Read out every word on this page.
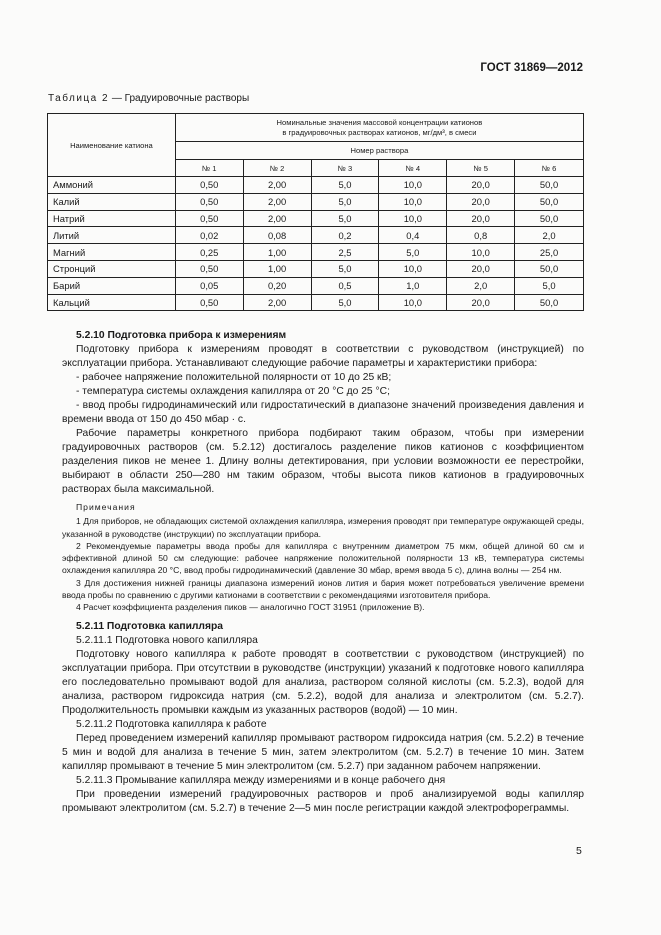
ГОСТ 31869—2012
Таблица 2 — Градуировочные растворы
Наименование катиона	Номинальные значения массовой концентрации катионов
в градуировочных растворах катионов, мг/дм³, в смеси					
	Номер раствора					
	№ 1	№ 2	№ 3	№ 4	№ 5	№ 6
Аммоний	0,50	2,00	5,0	10,0	20,0	50,0
Калий	0,50	2,00	5,0	10,0	20,0	50,0
Натрий	0,50	2,00	5,0	10,0	20,0	50,0
Литий	0,02	0,08	0,2	0,4	0,8	2,0
Магний	0,25	1,00	2,5	5,0	10,0	25,0
Стронций	0,50	1,00	5,0	10,0	20,0	50,0
Барий	0,05	0,20	0,5	1,0	2,0	5,0
Кальций	0,50	2,00	5,0	10,0	20,0	50,0

5.2.10 Подготовка прибора к измерениям

Подготовку прибора к измерениям проводят в соответствии с руководством (инструкцией) по эксплуатации прибора. Устанавливают следующие рабочие параметры и характеристики прибора:

- рабочее напряжение положительной полярности от 10 до 25 кВ;

- температура системы охлаждения капилляра от 20 °С до 25 °С;

- ввод пробы гидродинамический или гидростатический в диапазоне значений произведения давления и времени ввода от 150 до 450 мбар · с.

Рабочие параметры конкретного прибора подбирают таким образом, чтобы при измерении градуировочных растворов (см. 5.2.12) достигалось разделение пиков катионов с коэффициентом разделения пиков не менее 1. Длину волны детектирования, при условии возможности ее перестройки, выбирают в области 250—280 нм таким образом, чтобы высота пиков катионов в градуировочных растворах была максимальной.

Примечания

1 Для приборов, не обладающих системой охлаждения капилляра, измерения проводят при температуре окружающей среды, указанной в руководстве (инструкции) по эксплуатации прибора.

2 Рекомендуемые параметры ввода пробы для капилляра с внутренним диаметром 75 мкм, общей длиной 60 см и эффективной длиной 50 см следующие: рабочее напряжение положительной полярности 13 кВ, температура системы охлаждения капилляра 20 °С, ввод пробы гидродинамический (давление 30 мбар, время ввода 5 с), длина волны — 254 нм.

3 Для достижения нижней границы диапазона измерений ионов лития и бария может потребоваться увеличение времени ввода пробы по сравнению с другими катионами в соответствии с рекомендациями изготовителя прибора.

4 Расчет коэффициента разделения пиков — аналогично ГОСТ 31951 (приложение В).

5.2.11 Подготовка капилляра

5.2.11.1 Подготовка нового капилляра

Подготовку нового капилляра к работе проводят в соответствии с руководством (инструкцией) по эксплуатации прибора. При отсутствии в руководстве (инструкции) указаний к подготовке нового капилляра его последовательно промывают водой для анализа, раствором соляной кислоты (см. 5.2.3), водой для анализа, раствором гидроксида натрия (см. 5.2.2), водой для анализа и электролитом (см. 5.2.7). Продолжительность промывки каждым из указанных растворов (водой) — 10 мин.

5.2.11.2 Подготовка капилляра к работе

Перед проведением измерений капилляр промывают раствором гидроксида натрия (см. 5.2.2) в течение 5 мин и водой для анализа в течение 5 мин, затем электролитом (см. 5.2.7) в течение 10 мин. Затем капилляр промывают в течение 5 мин электролитом (см. 5.2.7) при заданном рабочем напряжении.

5.2.11.3 Промывание капилляра между измерениями и в конце рабочего дня

При проведении измерений градуировочных растворов и проб анализируемой воды капилляр промывают электролитом (см. 5.2.7) в течение 2—5 мин после регистрации каждой электрофореграммы.

5
